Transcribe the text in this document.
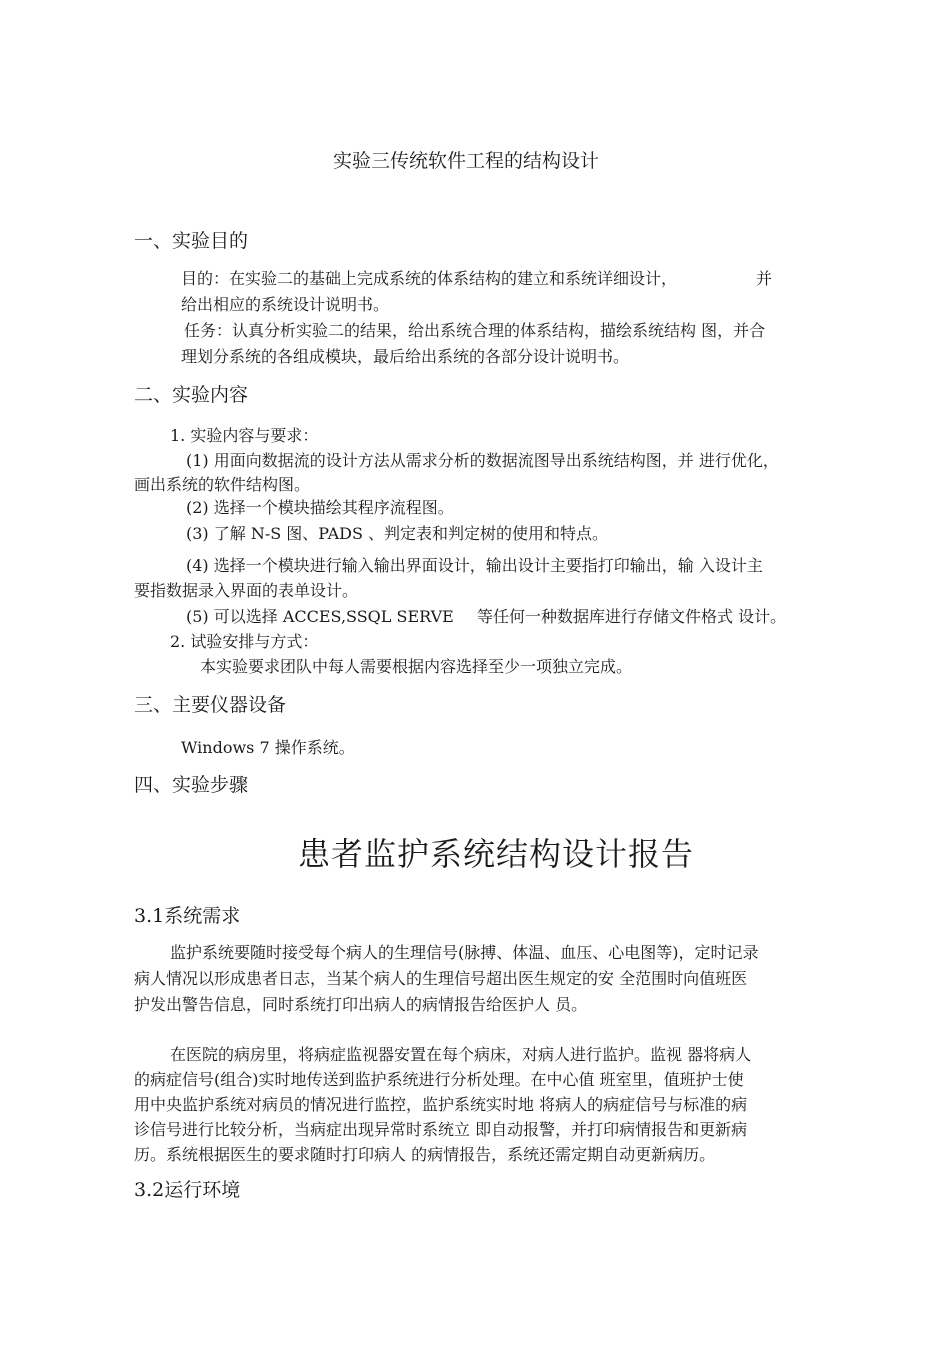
实验三传统软件工程的结构设计
一、实验目的
目的：在实验二的基础上完成系统的体系结构的建立和系统详细设计，	并
给出相应的系统设计说明书。
任务：认真分析实验二的结果，给出系统合理的体系结构，描绘系统结构 图，并合
理划分系统的各组成模块，最后给出系统的各部分设计说明书。
二、实验内容
1. 实验内容与要求：
(1) 用面向数据流的设计方法从需求分析的数据流图导出系统结构图，并 进行优化，
画出系统的软件结构图。
(2) 选择一个模块描绘其程序流程图。
(3) 了解 N-S 图、PADS 、判定表和判定树的使用和特点。
(4) 选择一个模块进行输入输出界面设计，输出设计主要指打印输出，输 入设计主
要指数据录入界面的表单设计。
(5) 可以选择 ACCES,SSQL SERVE 等任何一种数据库进行存储文件格式 设计。
2. 试验安排与方式：
本实验要求团队中每人需要根据内容选择至少一项独立完成。
三、主要仪器设备
Windows 7 操作系统。
四、实验步骤
患者监护系统结构设计报告
3.1系统需求
监护系统要随时接受每个病人的生理信号(脉搏、体温、血压、心电图等)，定时记录
病人情况以形成患者日志，当某个病人的生理信号超出医生规定的安 全范围时向值班医
护发出警告信息，同时系统打印出病人的病情报告给医护人 员。
在医院的病房里，将病症监视器安置在每个病床，对病人进行监护。监视 器将病人
的病症信号(组合)实时地传送到监护系统进行分析处理。在中心值 班室里，值班护士使
用中央监护系统对病员的情况进行监控，监护系统实时地 将病人的病症信号与标准的病
诊信号进行比较分析，当病症出现异常时系统立 即自动报警，并打印病情报告和更新病
历。系统根据医生的要求随时打印病人 的病情报告，系统还需定期自动更新病历。
3.2运行环境
